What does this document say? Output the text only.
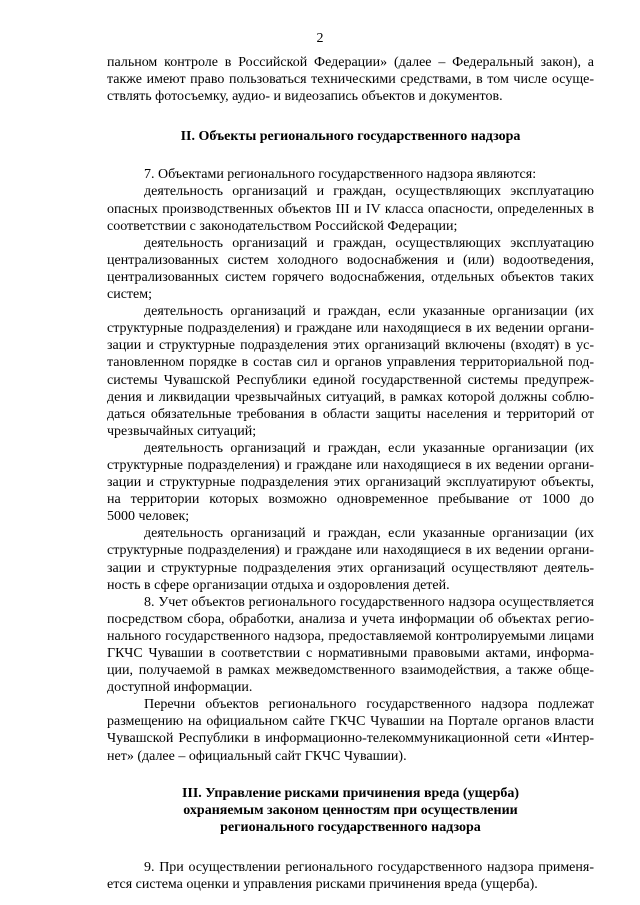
2
пальном контроле в Российской Федерации» (далее – Федеральный закон), а
также имеют право пользоваться техническими средствами, в том числе осуще-
ствлять фотосъемку, аудио- и видеозапись объектов и документов.
II. Объекты регионального государственного надзора
7. Объектами регионального государственного надзора являются:
деятельность организаций и граждан, осуществляющих эксплуатацию
опасных производственных объектов III и IV класса опасности, определенных в
соответствии с законодательством Российской Федерации;
деятельность организаций и граждан, осуществляющих эксплуатацию
централизованных систем холодного водоснабжения и (или) водоотведения,
централизованных систем горячего водоснабжения, отдельных объектов таких
систем;
деятельность организаций и граждан, если указанные организации (их
структурные подразделения) и граждане или находящиеся в их ведении органи-
зации и структурные подразделения этих организаций включены (входят) в ус-
тановленном порядке в состав сил и органов управления территориальной под-
системы Чувашской Республики единой государственной системы предупреж-
дения и ликвидации чрезвычайных ситуаций, в рамках которой должны соблю-
даться обязательные требования в области защиты населения и территорий от
чрезвычайных ситуаций;
деятельность организаций и граждан, если указанные организации (их
структурные подразделения) и граждане или находящиеся в их ведении органи-
зации и структурные подразделения этих организаций эксплуатируют объекты,
на территории которых возможно одновременное пребывание от 1000 до
5000 человек;
деятельность организаций и граждан, если указанные организации (их
структурные подразделения) и граждане или находящиеся в их ведении органи-
зации и структурные подразделения этих организаций осуществляют деятель-
ность в сфере организации отдыха и оздоровления детей.
8. Учет объектов регионального государственного надзора осуществляется
посредством сбора, обработки, анализа и учета информации об объектах регио-
нального государственного надзора, предоставляемой контролируемыми лицами
ГКЧС Чувашии в соответствии с нормативными правовыми актами, информа-
ции, получаемой в рамках межведомственного взаимодействия, а также обще-
доступной информации.
Перечни объектов регионального государственного надзора подлежат
размещению на официальном сайте ГКЧС Чувашии на Портале органов власти
Чувашской Республики в информационно-телекоммуникационной сети «Интер-
нет» (далее – официальный сайт ГКЧС Чувашии).
III. Управление рисками причинения вреда (ущерба)
охраняемым законом ценностям при осуществлении
регионального государственного надзора
9. При осуществлении регионального государственного надзора применя-
ется система оценки и управления рисками причинения вреда (ущерба).
